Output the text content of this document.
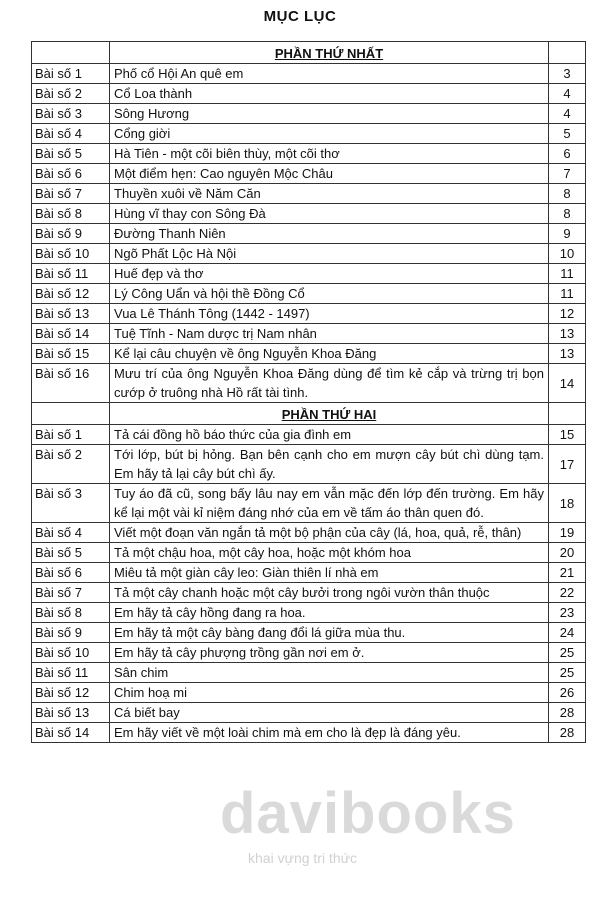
MỤC LỤC
	PHẦN THỨ NHẤT	
Bài số 1	Phố cổ Hội An quê em	3
Bài số 2	Cổ Loa thành	4
Bài số 3	Sông Hương	4
Bài số 4	Cổng giời	5
Bài số 5	Hà Tiên - một cõi biên thùy, một cõi thơ	6
Bài số 6	Một điểm hẹn: Cao nguyên Mộc Châu	7
Bài số 7	Thuyền xuôi về Năm Căn	8
Bài số 8	Hùng vĩ thay con Sông Đà	8
Bài số 9	Đường Thanh Niên	9
Bài số 10	Ngõ Phất Lộc Hà Nội	10
Bài số 11	Huế đẹp và thơ	11
Bài số 12	Lý Công Uẩn và hội thề Đồng Cổ	11
Bài số 13	Vua Lê Thánh Tông (1442 - 1497)	12
Bài số 14	Tuệ Tĩnh - Nam dược trị Nam nhân	13
Bài số 15	Kể lại câu chuyện về ông Nguyễn Khoa Đăng	13
Bài số 16	Mưu trí của ông Nguyễn Khoa Đăng dùng để tìm kẻ cắp và trừng trị bọn cướp ở truông nhà Hồ rất tài tình.	14
	PHẦN THỨ HAI	
Bài số 1	Tả cái đồng hồ báo thức của gia đình em	15
Bài số 2	Tới lớp, bút bị hỏng. Bạn bên cạnh cho em mượn cây bút chì dùng tạm. Em hãy tả lại cây bút chì ấy.	17
Bài số 3	Tuy áo đã cũ, song bấy lâu nay em vẫn mặc đến lớp đến trường. Em hãy kể lại một vài kỉ niệm đáng nhớ của em về tấm áo thân quen đó.	18
Bài số 4	Viết một đoạn văn ngắn tả một bộ phận của cây (lá, hoa, quả, rễ, thân)	19
Bài số 5	Tả một chậu hoa, một cây hoa, hoặc một khóm hoa	20
Bài số 6	Miêu tả một giàn cây leo: Giàn thiên lí nhà em	21
Bài số 7	Tả một cây chanh hoặc một cây bưởi trong ngôi vườn thân thuộc	22
Bài số 8	Em hãy tả cây hồng đang ra hoa.	23
Bài số 9	Em hãy tả một cây bàng đang đổi lá giữa mùa thu.	24
Bài số 10	Em hãy tả cây phượng trồng gần nơi em ở.	25
Bài số 11	Sân chim	25
Bài số 12	Chim hoạ mi	26
Bài số 13	Cá biết bay	28
Bài số 14	Em hãy viết về một loài chim mà em cho là đẹp là đáng yêu.	28
davibooks
khai vựng tri thức
